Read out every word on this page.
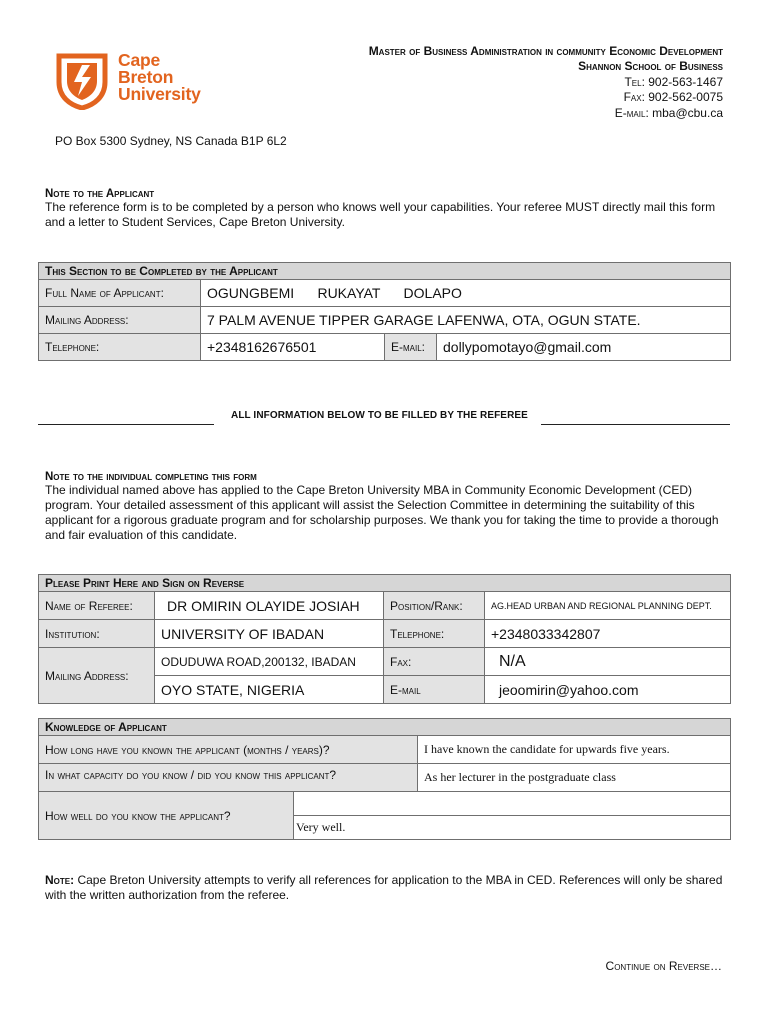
Cape
Breton
University
Master of Business Administration in community Economic Development
Shannon School of Business
Tel: 902-563-1467
Fax: 902-562-0075
E-mail: mba@cbu.ca
PO Box 5300 Sydney, NS Canada B1P 6L2
Note to the Applicant
The reference form is to be completed by a person who knows well your capabilities. Your referee MUST directly mail this form and a letter to Student Services, Cape Breton University.
This Section to be Completed by the Applicant			
Full Name of Applicant:	OGUNGBEMI      RUKAYAT      DOLAPO		
Mailing Address:	7 PALM AVENUE TIPPER GARAGE LAFENWA, OTA, OGUN STATE.		
Telephone:	+2348162676501	E-mail:	dollypomotayo@gmail.com
ALL INFORMATION BELOW TO BE FILLED BY THE REFEREE
Note to the individual completing this form
The individual named above has applied to the Cape Breton University MBA in Community Economic Development (CED) program. Your detailed assessment of this applicant will assist the Selection Committee in determining the suitability of this applicant for a rigorous graduate program and for scholarship purposes. We thank you for taking the time to provide a thorough and fair evaluation of this candidate.
Please Print Here and Sign on Reverse			
Name of Referee:	DR OMIRIN OLAYIDE JOSIAH	Position/Rank:	AG.HEAD URBAN AND REGIONAL PLANNING DEPT.
Institution:	UNIVERSITY OF IBADAN	Telephone:	+2348033342807
Mailing Address:	ODUDUWA ROAD,200132, IBADAN	Fax:	N/A
	OYO STATE, NIGERIA	E-mail	jeoomirin@yahoo.com
Knowledge of Applicant		
How long have you known the applicant (months / years)?		I have known the candidate for upwards five years.
In what capacity do you know / did you know this applicant?		As her lecturer in the postgraduate class
How well do you know the applicant?		
	Very well.	
Note: Cape Breton University attempts to verify all references for application to the MBA in CED. References will only be shared with the written authorization from the referee.
Continue on Reverse…
